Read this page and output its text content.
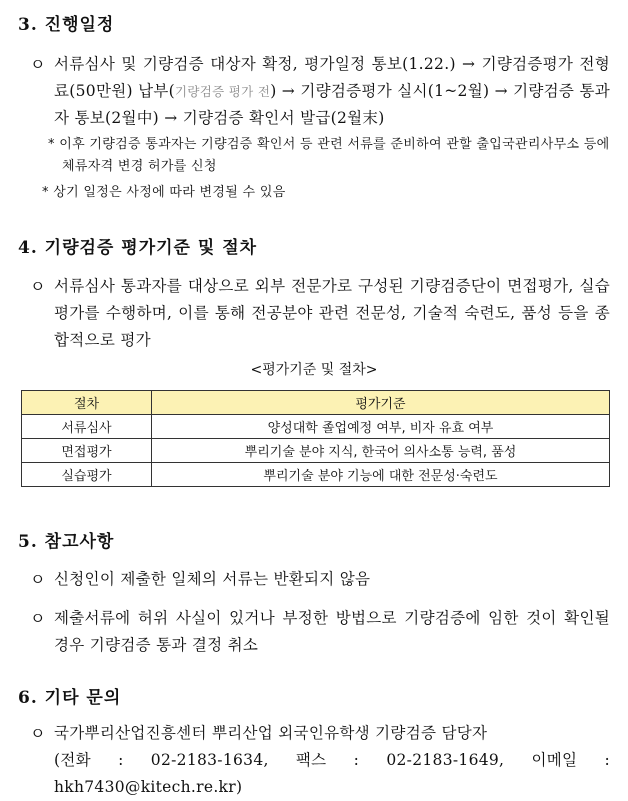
3. 진행일정
ㅇ 서류심사 및 기량검증 대상자 확정, 평가일정 통보(1.22.) → 기량검증평가 전형료(50만원) 납부(기량검증 평가 전) → 기량검증평가 실시(1~2월) → 기량검증 통과자 통보(2월中) → 기량검증 확인서 발급(2월末)
* 이후 기량검증 통과자는 기량검증 확인서 등 관련 서류를 준비하여 관할 출입국관리사무소 등에 체류자격 변경 허가를 신청
* 상기 일정은 사정에 따라 변경될 수 있음
4. 기량검증 평가기준 및 절차
ㅇ 서류심사 통과자를 대상으로 외부 전문가로 구성된 기량검증단이 면접평가, 실습평가를 수행하며, 이를 통해 전공분야 관련 전문성, 기술적 숙련도, 품성 등을 종합적으로 평가
<평가기준 및 절차>
절차	평가기준
서류심사	양성대학 졸업예정 여부, 비자 유효 여부
면접평가	뿌리기술 분야 지식, 한국어 의사소통 능력, 품성
실습평가	뿌리기술 분야 기능에 대한 전문성·숙련도
5. 참고사항
ㅇ 신청인이 제출한 일체의 서류는 반환되지 않음
ㅇ 제출서류에 허위 사실이 있거나 부정한 방법으로 기량검증에 임한 것이 확인될 경우 기량검증 통과 결정 취소
6. 기타 문의
ㅇ 국가뿌리산업진흥센터 뿌리산업 외국인유학생 기량검증 담당자
(전화 : 02-2183-1634, 팩스 : 02-2183-1649, 이메일 : hkh7430@kitech.re.kr)
